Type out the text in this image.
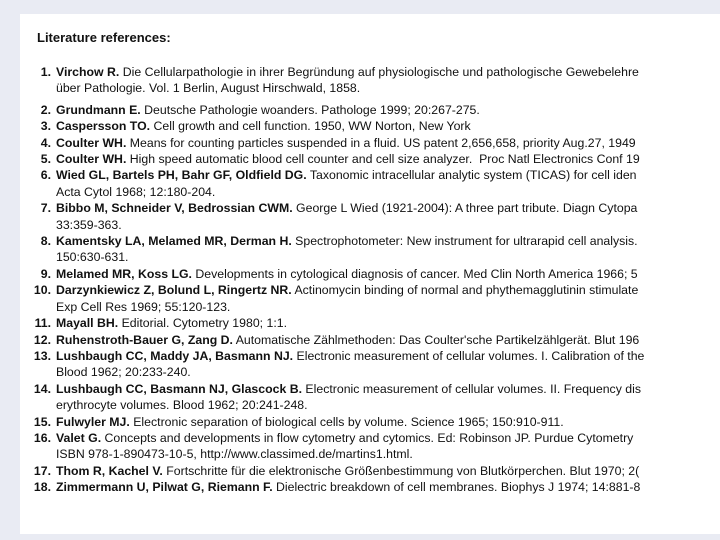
Literature references:
1. Virchow R. Die Cellularpathologie in ihrer Begründung auf physiologische und pathologische Gewebelehre
über Pathologie. Vol. 1 Berlin, August Hirschwald, 1858.
2. Grundmann E. Deutsche Pathologie woanders. Pathologe 1999; 20:267-275.
3. Caspersson TO. Cell growth and cell function. 1950, WW Norton, New York
4. Coulter WH. Means for counting particles suspended in a fluid. US patent 2,656,658, priority Aug.27, 1949
5. Coulter WH. High speed automatic blood cell counter and cell size analyzer.  Proc Natl Electronics Conf 19
6. Wied GL, Bartels PH, Bahr GF, Oldfield DG. Taxonomic intracellular analytic system (TICAS) for cell iden
Acta Cytol 1968; 12:180-204.
7. Bibbo M, Schneider V, Bedrossian CWM. George L Wied (1921-2004): A three part tribute. Diagn Cytopa
33:359-363.
8. Kamentsky LA, Melamed MR, Derman H. Spectrophotometer: New instrument for ultrarapid cell analysis.
150:630-631.
9. Melamed MR, Koss LG. Developments in cytological diagnosis of cancer. Med Clin North America 1966; 5
10. Darzynkiewicz Z, Bolund L, Ringertz NR. Actinomycin binding of normal and phythemagglutinin stimulate
Exp Cell Res 1969; 55:120-123.
11. Mayall BH. Editorial. Cytometry 1980; 1:1.
12. Ruhenstroth-Bauer G, Zang D. Automatische Zählmethoden: Das Coulter'sche Partikelzählgerät. Blut 196
13. Lushbaugh CC, Maddy JA, Basmann NJ. Electronic measurement of cellular volumes. I. Calibration of the
Blood 1962; 20:233-240.
14. Lushbaugh CC, Basmann NJ, Glascock B. Electronic measurement of cellular volumes. II. Frequency dis
erythrocyte volumes. Blood 1962; 20:241-248.
15. Fulwyler MJ. Electronic separation of biological cells by volume. Science 1965; 150:910-911.
16. Valet G. Concepts and developments in flow cytometry and cytomics. Ed: Robinson JP. Purdue Cytometry
ISBN 978-1-890473-10-5, http://www.classimed.de/martins1.html.
17. Thom R, Kachel V. Fortschritte für die elektronische Größenbestimmung von Blutkörperchen. Blut 1970; 2(
18. Zimmermann U, Pilwat G, Riemann F. Dielectric breakdown of cell membranes. Biophys J 1974; 14:881-8
